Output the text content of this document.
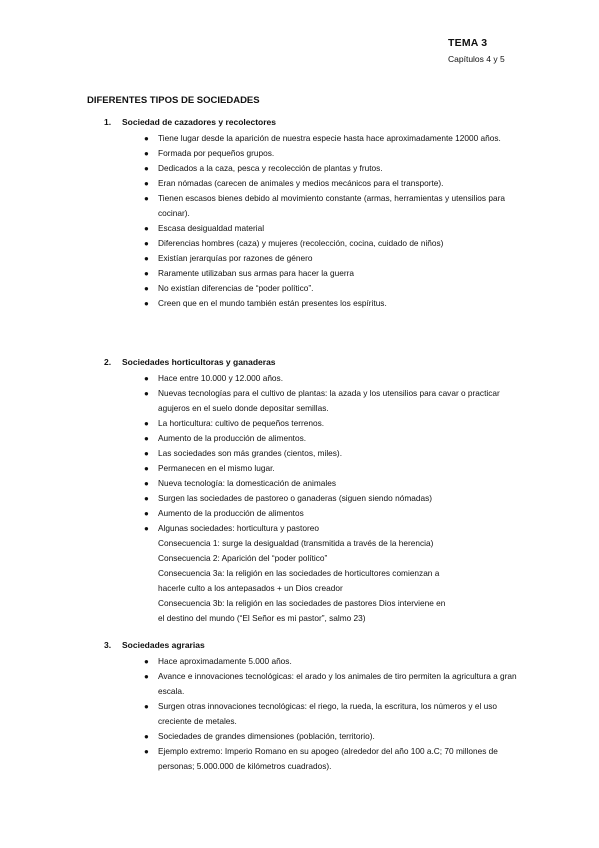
TEMA 3
Capítulos 4 y 5
DIFERENTES TIPOS DE SOCIEDADES
1.	Sociedad de cazadores y recolectores
● Tiene lugar desde la aparición de nuestra especie hasta hace aproximadamente 12000 años.
● Formada por pequeños grupos.
● Dedicados a la caza, pesca y recolección de plantas y frutos.
● Eran nómadas (carecen de animales y medios mecánicos para el transporte).
● Tienen escasos bienes debido al movimiento constante (armas, herramientas y utensilios para cocinar).
● Escasa desigualdad material
● Diferencias hombres (caza) y mujeres (recolección, cocina, cuidado de niños)
● Existían jerarquías por razones de género
● Raramente utilizaban sus armas para hacer la guerra
● No existían diferencias de “poder político”.
● Creen que en el mundo también están presentes los espíritus.
2.	Sociedades horticultoras y ganaderas
● Hace entre 10.000 y 12.000 años.
● Nuevas tecnologías para el cultivo de plantas: la azada y los utensilios para cavar o practicar agujeros en el suelo donde depositar semillas.
● La horticultura: cultivo de pequeños terrenos.
● Aumento de la producción de alimentos.
● Las sociedades son más grandes (cientos, miles).
● Permanecen en el mismo lugar.
● Nueva tecnología: la domesticación de animales
● Surgen las sociedades de pastoreo o ganaderas (siguen siendo nómadas)
● Aumento de la producción de alimentos
● Algunas sociedades: horticultura y pastoreo
Consecuencia 1: surge la desigualdad (transmitida a través de la herencia)
Consecuencia 2: Aparición del “poder político”
Consecuencia 3a: la religión en las sociedades de horticultores comienzan a
hacerle culto a los antepasados + un Dios creador
Consecuencia 3b: la religión en las sociedades de pastores Dios interviene en
el destino del mundo (“El Señor es mi pastor”, salmo 23)
3.	Sociedades agrarias
● Hace aproximadamente 5.000 años.
● Avance e innovaciones tecnológicas: el arado y los animales de tiro permiten la agricultura a gran escala.
● Surgen otras innovaciones tecnológicas: el riego, la rueda, la escritura, los números y el uso creciente de metales.
● Sociedades de grandes dimensiones (población, territorio).
● Ejemplo extremo: Imperio Romano en su apogeo (alrededor del año 100 a.C; 70 millones de personas; 5.000.000 de kilómetros cuadrados).
